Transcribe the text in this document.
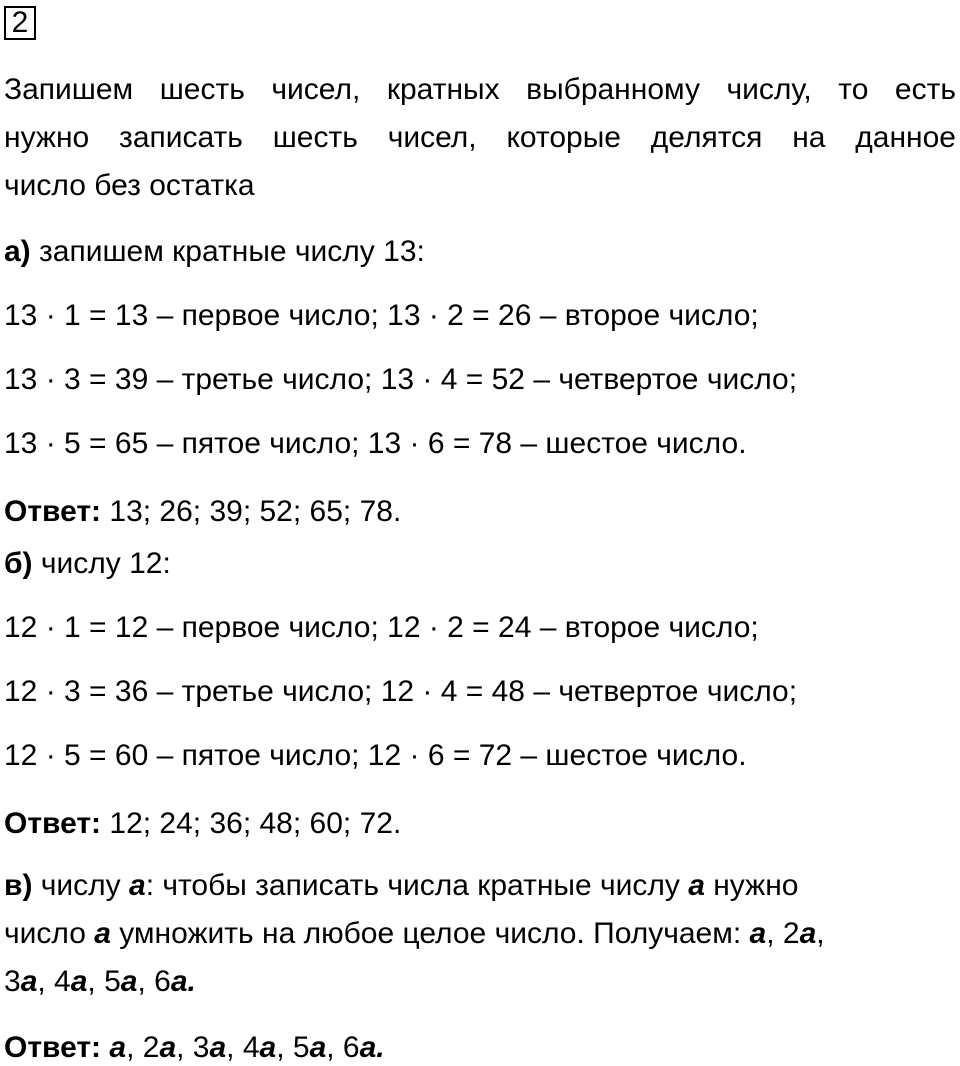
2
Запишем шесть чисел, кратных выбранному числу, то есть
нужно записать шесть чисел, которые делятся на данное
число без остатка
а) запишем кратные числу 13:
13 · 1 = 13 – первое число; 13 · 2 = 26 – второе число;
13 · 3 = 39 – третье число; 13 · 4 = 52 – четвертое число;
13 · 5 = 65 – пятое число; 13 · 6 = 78 – шестое число.
Ответ: 13; 26; 39; 52; 65; 78.
б) числу 12:
12 · 1 = 12 – первое число; 12 · 2 = 24 – второе число;
12 · 3 = 36 – третье число; 12 · 4 = 48 – четвертое число;
12 · 5 = 60 – пятое число; 12 · 6 = 72 – шестое число.
Ответ: 12; 24; 36; 48; 60; 72.
в) числу a: чтобы записать числа кратные числу a нужно
число a умножить на любое целое число. Получаем: a, 2a,
3a, 4a, 5a, 6a.
Ответ: a, 2a, 3a, 4a, 5a, 6a.
